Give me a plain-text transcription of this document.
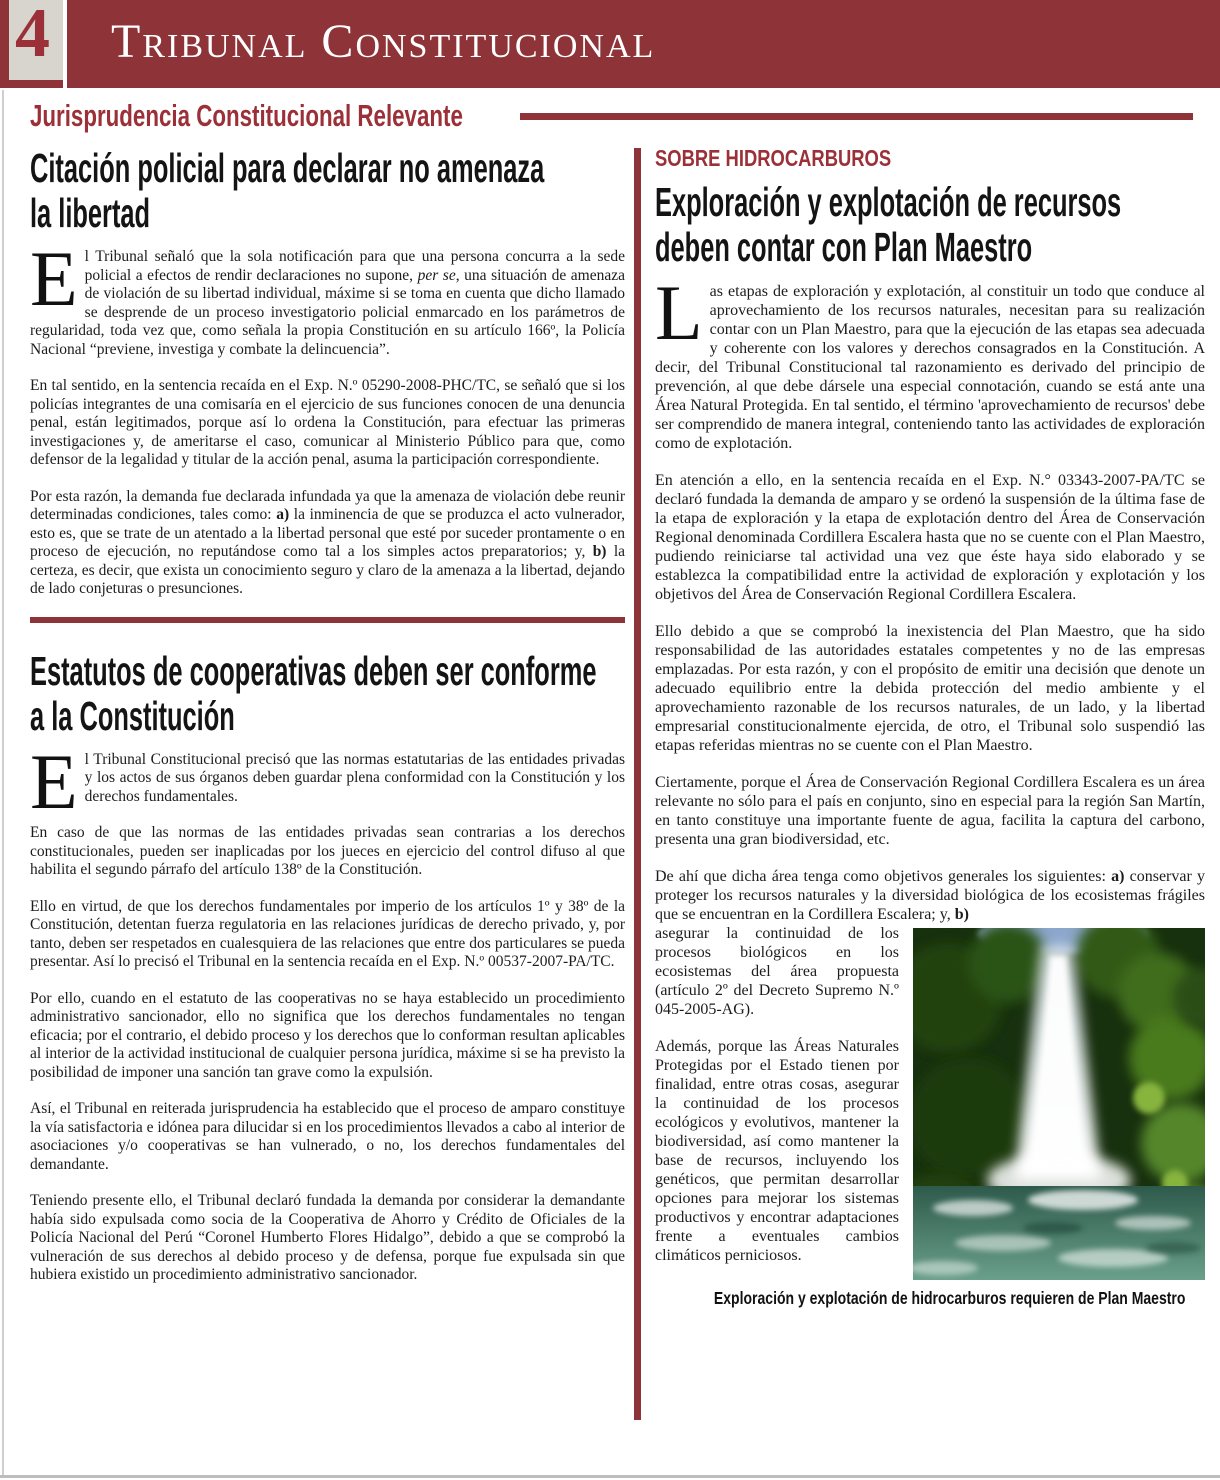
4	Tribunal Constitucional
Jurisprudencia Constitucional Relevante
Citación policial para declarar no amenaza
la libertad

E l Tribunal señaló que la sola notificación para que una persona concurra a la sede policial a efectos de rendir declaraciones no supone, per se, una situación de amenaza de violación de su libertad individual, máxime si se toma en cuenta que dicho llamado se desprende de un proceso investigatorio policial enmarcado en los parámetros de regularidad, toda vez que, como señala la propia Constitución en su artículo 166º, la Policía Nacional “previene, investiga y combate la delincuencia”.

En tal sentido, en la sentencia recaída en el Exp. N.º 05290-2008-PHC/TC, se señaló que si los policías integrantes de una comisaría en el ejercicio de sus funciones conocen de una denuncia penal, están legitimados, porque así lo ordena la Constitución, para efectuar las primeras investigaciones y, de ameritarse el caso, comunicar al Ministerio Público para que, como defensor de la legalidad y titular de la acción penal, asuma la participación correspondiente.

Por esta razón, la demanda fue declarada infundada ya que la amenaza de violación debe reunir determinadas condiciones, tales como: a) la inminencia de que se produzca el acto vulnerador, esto es, que se trate de un atentado a la libertad personal que esté por suceder prontamente o en proceso de ejecución, no reputándose como tal a los simples actos preparatorios; y, b) la certeza, es decir, que exista un conocimiento seguro y claro de la amenaza a la libertad, dejando de lado conjeturas o presunciones.

Estatutos de cooperativas deben ser conforme
a la Constitución

E l Tribunal Constitucional precisó que las normas estatutarias de las entidades privadas y los actos de sus órganos deben guardar plena conformidad con la Constitución y los derechos fundamentales.

En caso de que las normas de las entidades privadas sean contrarias a los derechos constitucionales, pueden ser inaplicadas por los jueces en ejercicio del control difuso al que habilita el segundo párrafo del artículo 138º de la Constitución.

Ello en virtud, de que los derechos fundamentales por imperio de los artículos 1º y 38º de la Constitución, detentan fuerza regulatoria en las relaciones jurídicas de derecho privado, y, por tanto, deben ser respetados en cualesquiera de las relaciones que entre dos particulares se pueda presentar. Así lo precisó el Tribunal en la sentencia recaída en el Exp. N.º 00537-2007-PA/TC.

Por ello, cuando en el estatuto de las cooperativas no se haya establecido un procedimiento administrativo sancionador, ello no significa que los derechos fundamentales no tengan eficacia; por el contrario, el debido proceso y los derechos que lo conforman resultan aplicables al interior de la actividad institucional de cualquier persona jurídica, máxime si se ha previsto la posibilidad de imponer una sanción tan grave como la expulsión.

Así, el Tribunal en reiterada jurisprudencia ha establecido que el proceso de amparo constituye la vía satisfactoria e idónea para dilucidar si en los procedimientos llevados a cabo al interior de asociaciones y/o cooperativas se han vulnerado, o no, los derechos fundamentales del demandante.

Teniendo presente ello, el Tribunal declaró fundada la demanda por considerar la demandante había sido expulsada como socia de la Cooperativa de Ahorro y Crédito de Oficiales de la Policía Nacional del Perú “Coronel Humberto Flores Hidalgo”, debido a que se comprobó la vulneración de sus derechos al debido proceso y de defensa, porque fue expulsada sin que hubiera existido un procedimiento administrativo sancionador.

SOBRE HIDROCARBUROS
Exploración y explotación de recursos
deben contar con Plan Maestro

L as etapas de exploración y explotación, al constituir un todo que conduce al aprovechamiento de los recursos naturales, necesitan para su realización contar con un Plan Maestro, para que la ejecución de las etapas sea adecuada y coherente con los valores y derechos consagrados en la Constitución. A decir, del Tribunal Constitucional tal razonamiento es derivado del principio de prevención, al que debe dársele una especial connotación, cuando se está ante una Área Natural Protegida. En tal sentido, el término 'aprovechamiento de recursos' debe ser comprendido de manera integral, conteniendo tanto las actividades de exploración como de explotación.

En atención a ello, en la sentencia recaída en el Exp. N.° 03343-2007-PA/TC se declaró fundada la demanda de amparo y se ordenó la suspensión de la última fase de la etapa de exploración y la etapa de explotación dentro del Área de Conservación Regional denominada Cordillera Escalera hasta que no se cuente con el Plan Maestro, pudiendo reiniciarse tal actividad una vez que éste haya sido elaborado y se establezca la compatibilidad entre la actividad de exploración y explotación y los objetivos del Área de Conservación Regional Cordillera Escalera.

Ello debido a que se comprobó la inexistencia del Plan Maestro, que ha sido responsabilidad de las autoridades estatales competentes y no de las empresas emplazadas. Por esta razón, y con el propósito de emitir una decisión que denote un adecuado equilibrio entre la debida protección del medio ambiente y el aprovechamiento razonable de los recursos naturales, de un lado, y la libertad empresarial constitucionalmente ejercida, de otro, el Tribunal solo suspendió las etapas referidas mientras no se cuente con el Plan Maestro.

Ciertamente, porque el Área de Conservación Regional Cordillera Escalera es un área relevante no sólo para el país en conjunto, sino en especial para la región San Martín, en tanto constituye una importante fuente de agua, facilita la captura del carbono, presenta una gran biodiversidad, etc.

De ahí que dicha área tenga como objetivos generales los siguientes: a) conservar y proteger los recursos naturales y la diversidad biológica de los ecosistemas frágiles que se encuentran en la Cordillera Escalera; y, b)

asegurar la continuidad de los procesos biológicos en los ecosistemas del área propuesta (artículo 2º del Decreto Supremo N.º 045-2005-AG).

Además, porque las Áreas Naturales Protegidas por el Estado tienen por finalidad, entre otras cosas, asegurar la continuidad de los procesos ecológicos y evolutivos, mantener la biodiversidad, así como mantener la base de recursos, incluyendo los genéticos, que permitan desarrollar opciones para mejorar los sistemas productivos y encontrar adaptaciones frente a eventuales cambios climáticos perniciosos.

Exploración y explotación de hidrocarburos requieren de Plan Maestro
